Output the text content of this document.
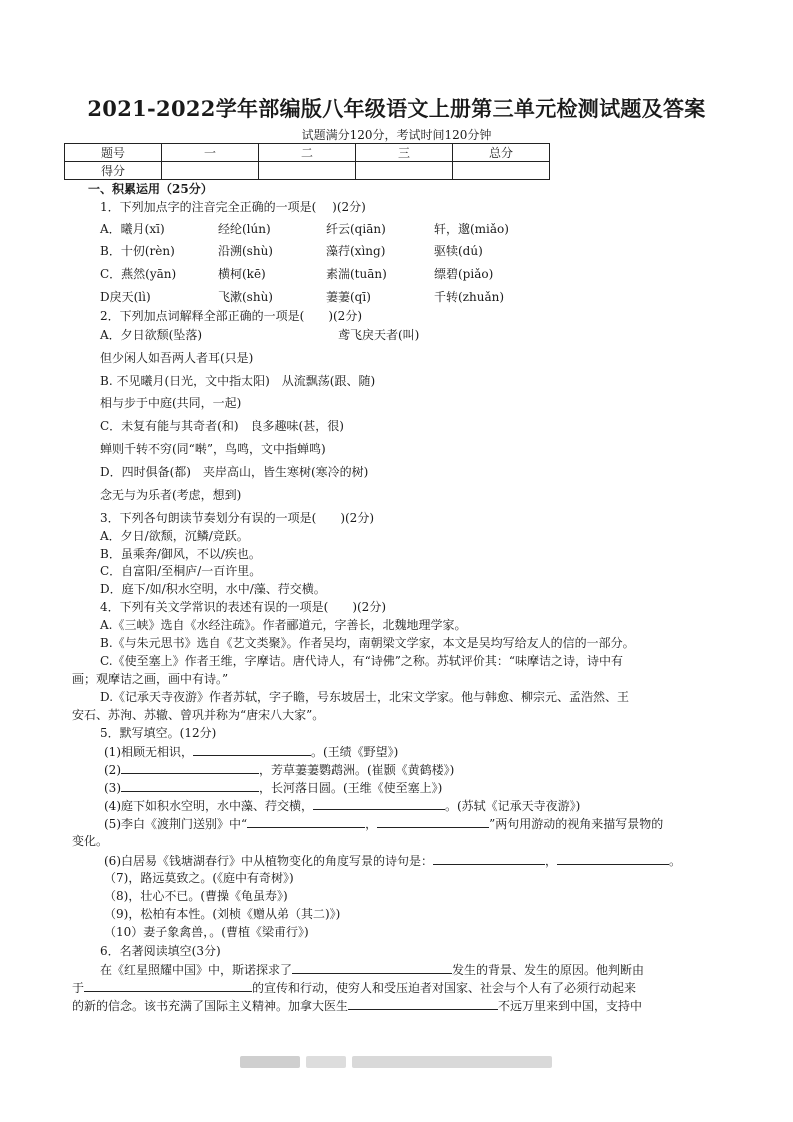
2021-2022学年部编版八年级语文上册第三单元检测试题及答案
试题满分120分，考试时间120分钟
题号	一	二	三	总分
得分				
一、积累运用（25分）
1．下列加点字的注音完全正确的一项是(　 )(2分)
A．曦月(xī)	经纶(lún)	纤云(qiān)	轩，邈(miǎo)
B．十仞(rèn)	沿溯(shù)	藻荇(xìng)	驱犊(dú)
C．燕然(yān)	横柯(kē)	素湍(tuān)	缥碧(piǎo)
D戾天(lì)	飞漱(shù)	萋萋(qī)	千转(zhuǎn)
2．下列加点词解释全部正确的一项是(　　)(2分)
A．夕日欲颓(坠落)	鸢飞戾天者(叫)
但少闲人如吾两人者耳(只是)
B. 不见曦月(日光，文中指太阳)　从流飘荡(跟、随)
相与步于中庭(共同，一起)
C．未复有能与其奇者(和)　良多趣味(甚，很)
蝉则千转不穷(同“啭”，鸟鸣，文中指蝉鸣)
D．四时俱备(都)　夹岸高山，皆生寒树(寒冷的树)
念无与为乐者(考虑，想到)
3．下列各句朗读节奏划分有误的一项是(　　)(2分)
A．夕日/欲颓，沉鳞/竞跃。
B．虽乘奔/御风，不以/疾也。
C．自富阳/至桐庐/一百许里。
D．庭下/如/积水空明，水中/藻、荇交横。
4．下列有关文学常识的表述有误的一项是(　　)(2分)
A.《三峡》选自《水经注疏》。作者郦道元，字善长，北魏地理学家。
B.《与朱元思书》选自《艺文类聚》。作者吴均，南朝梁文学家，本文是吴均写给友人的信的一部分。
C.《使至塞上》作者王维，字摩诘。唐代诗人，有“诗佛”之称。苏轼评价其：“味摩诘之诗，诗中有
画；观摩诘之画，画中有诗。”
D.《记承天寺夜游》作者苏轼，字子瞻，号东坡居士，北宋文学家。他与韩愈、柳宗元、孟浩然、王
安石、苏洵、苏辙、曾巩并称为“唐宋八大家”。
5．默写填空。(12分)
(1)相顾无相识，	。(王绩《野望》)
(2)	，芳草萋萋鹦鹉洲。(崔颢《黄鹤楼》)
(3)	，长河落日圆。(王维《使至塞上》)
(4)庭下如积水空明，水中藻、荇交横，	。(苏轼《记承天寺夜游》)
(5)李白《渡荆门送别》中“	，	”两句用游动的视角来描写景物的
变化。
(6)白居易《钱塘湖春行》中从植物变化的角度写景的诗句是：	，	。
（7)，路远莫致之。(《庭中有奇树》)
（8)，壮心不已。(曹操《龟虽寿》)
（9)，松柏有本性。(刘桢《赠从弟（其二)》)
（10）妻子象禽兽，。(曹植《梁甫行》)
6．名著阅读填空(3分)
在《红星照耀中国》中，斯诺探求了	发生的背景、发生的原因。他判断由
于	的宣传和行动，使穷人和受压迫者对国家、社会与个人有了必须行动起来
的新的信念。该书充满了国际主义精神。加拿大医生	不远万里来到中国，支持中
